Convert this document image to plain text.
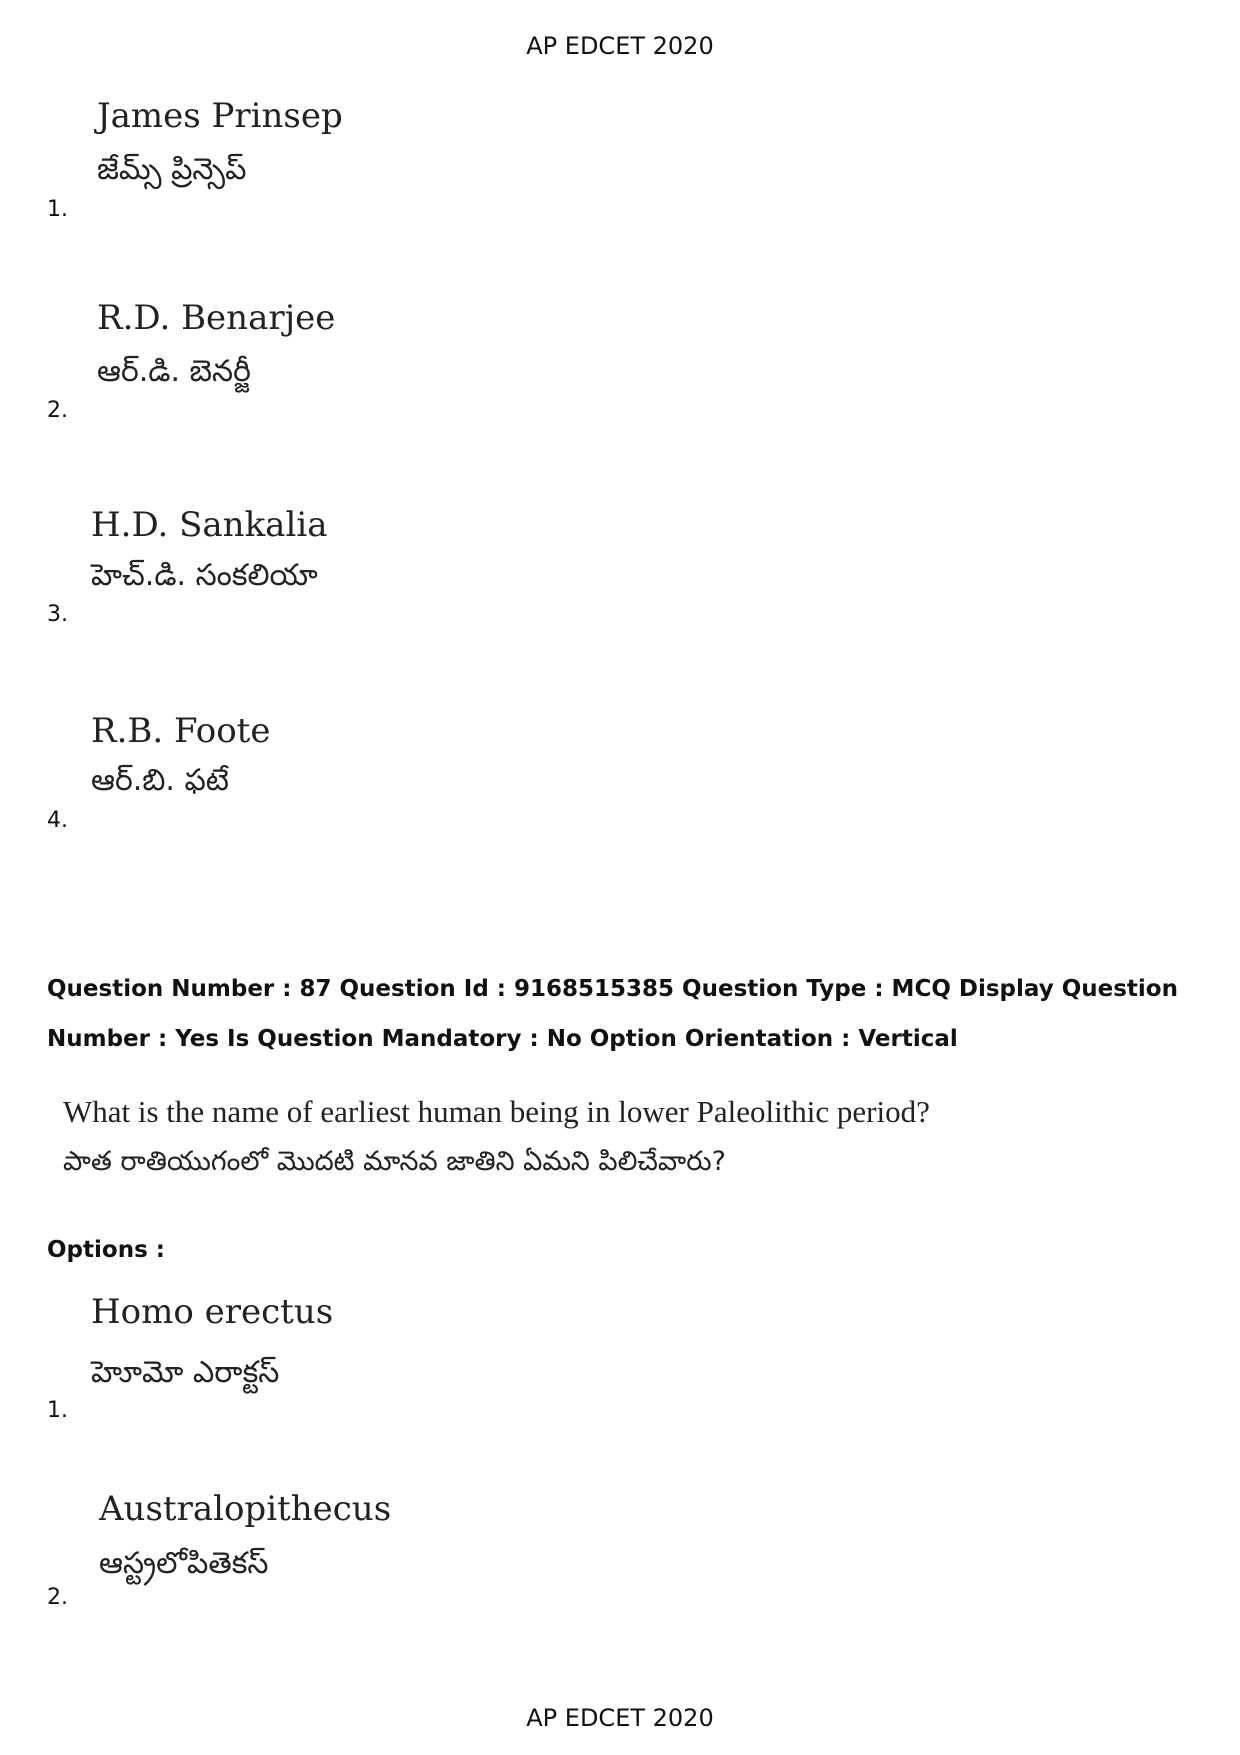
AP EDCET 2020
James Prinsep
జేమ్స్ ప్రిన్సెప్
1.
R.D. Benarjee
ఆర్.డి. బెనర్జీ
2.
H.D. Sankalia
హెచ్.డి. సంకలియా
3.
R.B. Foote
ఆర్.బి. ఫటే
4.
Question Number : 87 Question Id : 9168515385 Question Type : MCQ Display Question
Number : Yes Is Question Mandatory : No Option Orientation : Vertical
What is the name of earliest human being in lower Paleolithic period?
పాత రాతియుగంలో మొదటి మానవ జాతిని ఏమని పిలిచేవారు?
Options :
Homo erectus
హెూమో ఎరాక్టస్
1.
Australopithecus
ఆస్ట్రలోపితెకస్
2.
AP EDCET 2020
